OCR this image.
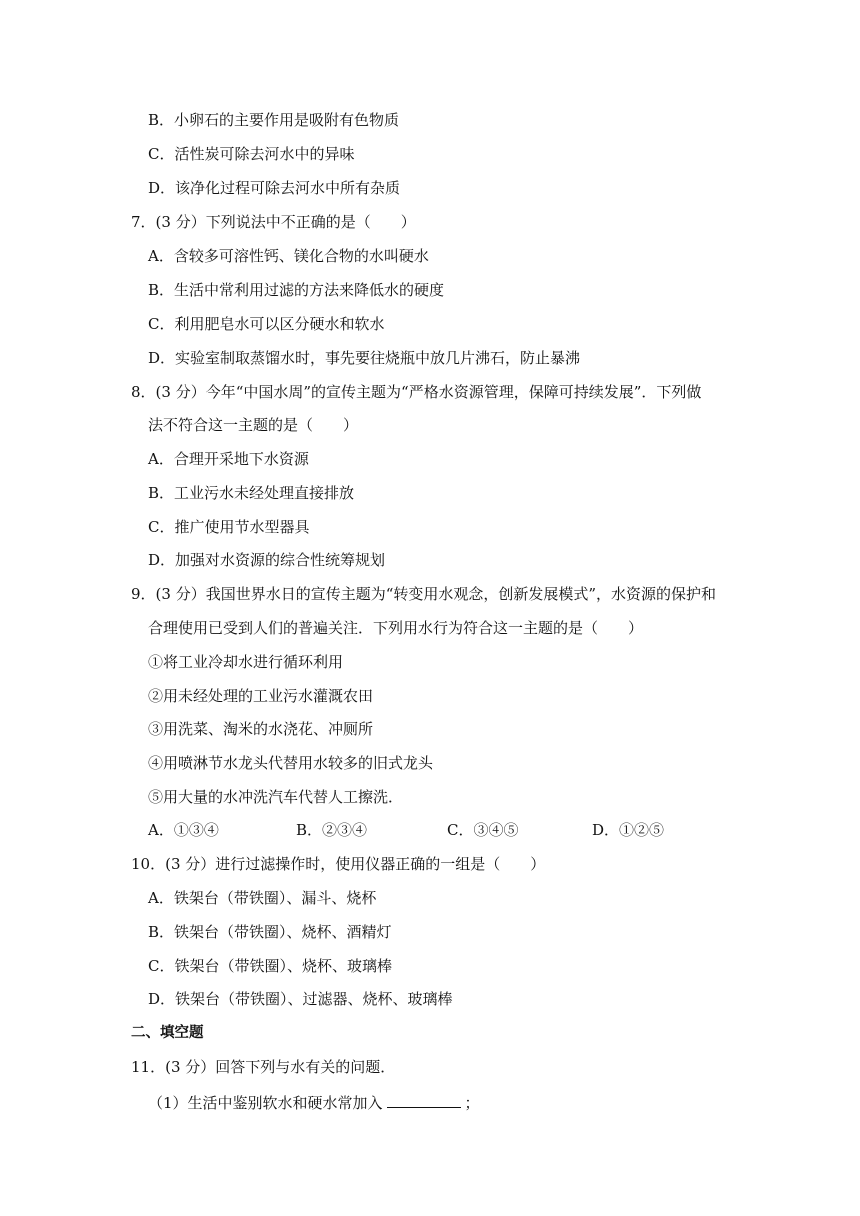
B．小卵石的主要作用是吸附有色物质
C．活性炭可除去河水中的异味
D．该净化过程可除去河水中所有杂质
7．(3 分）下列说法中不正确的是（　　）
A．含较多可溶性钙、镁化合物的水叫硬水
B．生活中常利用过滤的方法来降低水的硬度
C．利用肥皂水可以区分硬水和软水
D．实验室制取蒸馏水时，事先要往烧瓶中放几片沸石，防止暴沸
8．(3 分）今年“中国水周”的宣传主题为“严格水资源管理，保障可持续发展”．下列做
法不符合这一主题的是（　　）
A．合理开采地下水资源
B．工业污水未经处理直接排放
C．推广使用节水型器具
D．加强对水资源的综合性统筹规划
9．(3 分）我国世界水日的宣传主题为“转变用水观念，创新发展模式”，水资源的保护和
合理使用已受到人们的普遍关注．下列用水行为符合这一主题的是（　　）
①将工业冷却水进行循环利用
②用未经处理的工业污水灌溉农田
③用洗菜、淘米的水浇花、冲厕所
④用喷淋节水龙头代替用水较多的旧式龙头
⑤用大量的水冲洗汽车代替人工擦洗．
A．①③④	B．②③④	C．③④⑤	D．①②⑤
10．(3 分）进行过滤操作时，使用仪器正确的一组是（　　）
A．铁架台（带铁圈）、漏斗、烧杯
B．铁架台（带铁圈）、烧杯、酒精灯
C．铁架台（带铁圈）、烧杯、玻璃棒
D．铁架台（带铁圈）、过滤器、烧杯、玻璃棒
二、填空题
11．(3 分）回答下列与水有关的问题．
（1）生活中鉴别软水和硬水常加入	；
